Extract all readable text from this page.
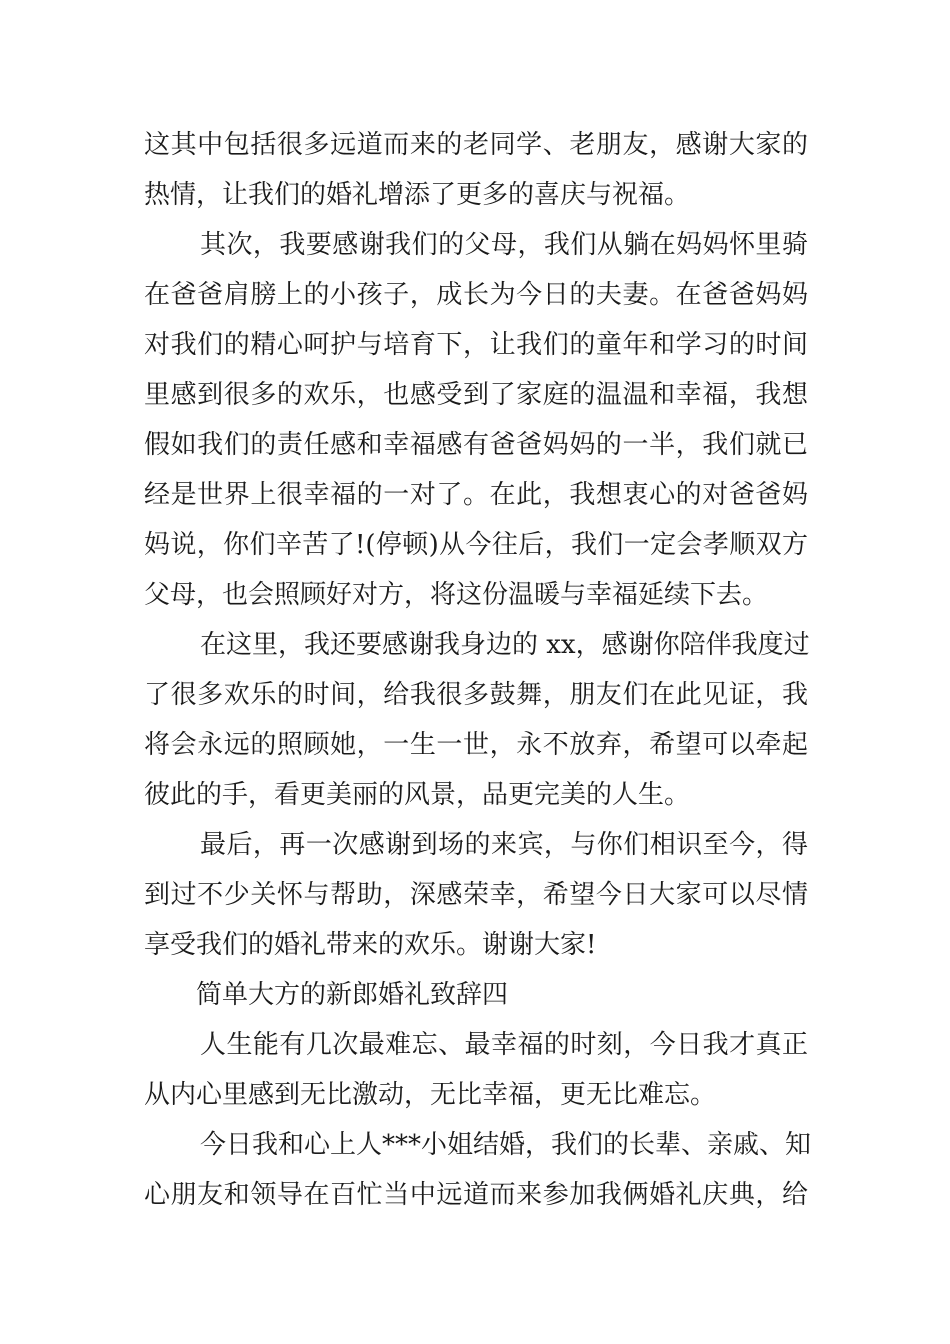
这其中包括很多远道而来的老同学、老朋友，感谢大家的
热情，让我们的婚礼增添了更多的喜庆与祝福。
其次，我要感谢我们的父母，我们从躺在妈妈怀里骑
在爸爸肩膀上的小孩子，成长为今日的夫妻。在爸爸妈妈
对我们的精心呵护与培育下，让我们的童年和学习的时间
里感到很多的欢乐，也感受到了家庭的温温和幸福，我想
假如我们的责任感和幸福感有爸爸妈妈的一半，我们就已
经是世界上很幸福的一对了。在此，我想衷心的对爸爸妈
妈说，你们辛苦了!(停顿)从今往后，我们一定会孝顺双方
父母，也会照顾好对方，将这份温暖与幸福延续下去。
在这里，我还要感谢我身边的 xx，感谢你陪伴我度过
了很多欢乐的时间，给我很多鼓舞，朋友们在此见证，我
将会永远的照顾她，一生一世，永不放弃，希望可以牵起
彼此的手，看更美丽的风景，品更完美的人生。
最后，再一次感谢到场的来宾，与你们相识至今，得
到过不少关怀与帮助，深感荣幸，希望今日大家可以尽情
享受我们的婚礼带来的欢乐。谢谢大家!
简单大方的新郎婚礼致辞四
人生能有几次最难忘、最幸福的时刻，今日我才真正
从内心里感到无比激动，无比幸福，更无比难忘。
今日我和心上人***小姐结婚，我们的长辈、亲戚、知
心朋友和领导在百忙当中远道而来参加我俩婚礼庆典，给
